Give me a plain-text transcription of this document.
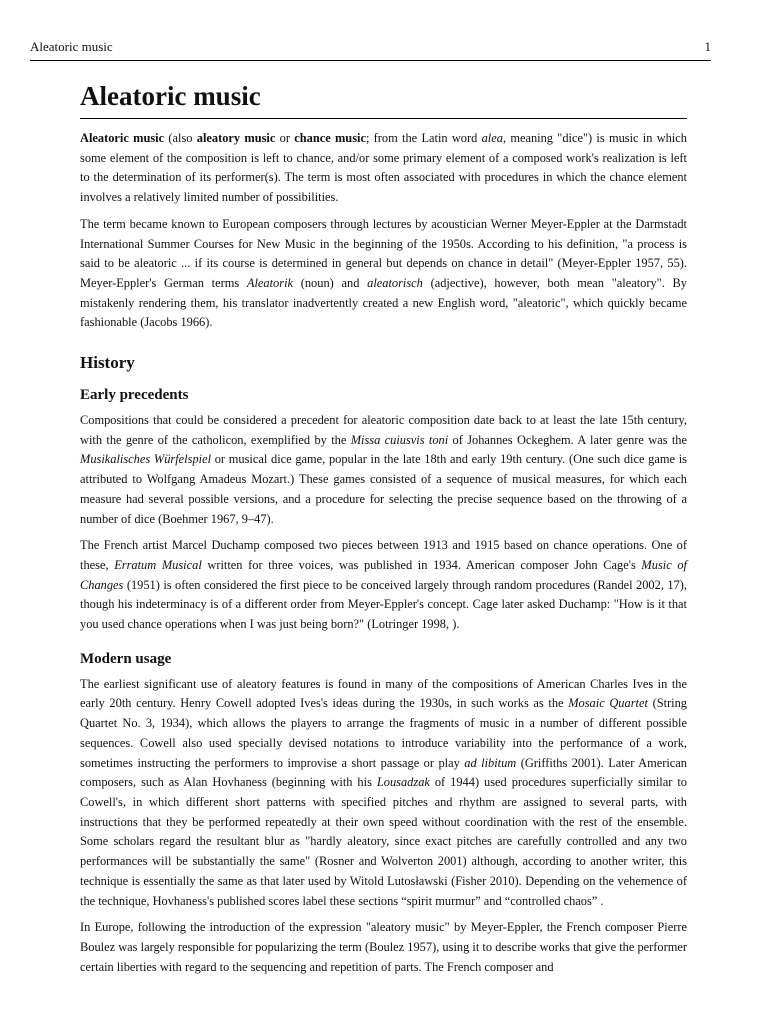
Aleatoric music	1
Aleatoric music

Aleatoric music (also aleatory music or chance music; from the Latin word alea, meaning "dice") is music in which some element of the composition is left to chance, and/or some primary element of a composed work's realization is left to the determination of its performer(s). The term is most often associated with procedures in which the chance element involves a relatively limited number of possibilities.

The term became known to European composers through lectures by acoustician Werner Meyer-Eppler at the Darmstadt International Summer Courses for New Music in the beginning of the 1950s. According to his definition, "a process is said to be aleatoric ... if its course is determined in general but depends on chance in detail" (Meyer-Eppler 1957, 55). Meyer-Eppler's German terms Aleatorik (noun) and aleatorisch (adjective), however, both mean "aleatory". By mistakenly rendering them, his translator inadvertently created a new English word, "aleatoric", which quickly became fashionable (Jacobs 1966).

History
Early precedents

Compositions that could be considered a precedent for aleatoric composition date back to at least the late 15th century, with the genre of the catholicon, exemplified by the Missa cuiusvis toni of Johannes Ockeghem. A later genre was the Musikalisches Würfelspiel or musical dice game, popular in the late 18th and early 19th century. (One such dice game is attributed to Wolfgang Amadeus Mozart.) These games consisted of a sequence of musical measures, for which each measure had several possible versions, and a procedure for selecting the precise sequence based on the throwing of a number of dice (Boehmer 1967, 9–47).

The French artist Marcel Duchamp composed two pieces between 1913 and 1915 based on chance operations. One of these, Erratum Musical written for three voices, was published in 1934. American composer John Cage's Music of Changes (1951) is often considered the first piece to be conceived largely through random procedures (Randel 2002, 17), though his indeterminacy is of a different order from Meyer-Eppler's concept. Cage later asked Duchamp: "How is it that you used chance operations when I was just being born?" (Lotringer 1998, ).

Modern usage

The earliest significant use of aleatory features is found in many of the compositions of American Charles Ives in the early 20th century. Henry Cowell adopted Ives's ideas during the 1930s, in such works as the Mosaic Quartet (String Quartet No. 3, 1934), which allows the players to arrange the fragments of music in a number of different possible sequences. Cowell also used specially devised notations to introduce variability into the performance of a work, sometimes instructing the performers to improvise a short passage or play ad libitum (Griffiths 2001). Later American composers, such as Alan Hovhaness (beginning with his Lousadzak of 1944) used procedures superficially similar to Cowell's, in which different short patterns with specified pitches and rhythm are assigned to several parts, with instructions that they be performed repeatedly at their own speed without coordination with the rest of the ensemble. Some scholars regard the resultant blur as "hardly aleatory, since exact pitches are carefully controlled and any two performances will be substantially the same" (Rosner and Wolverton 2001) although, according to another writer, this technique is essentially the same as that later used by Witold Lutosławski (Fisher 2010). Depending on the vehemence of the technique, Hovhaness's published scores label these sections “spirit murmur” and “controlled chaos” .

In Europe, following the introduction of the expression "aleatory music" by Meyer-Eppler, the French composer Pierre Boulez was largely responsible for popularizing the term (Boulez 1957), using it to describe works that give the performer certain liberties with regard to the sequencing and repetition of parts. The French composer and
